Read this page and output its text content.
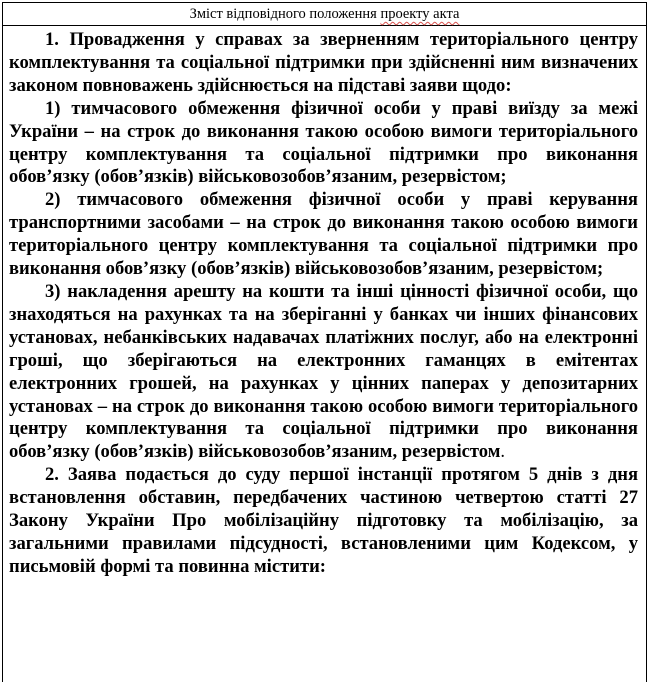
Зміст відповідного положення проекту акта

1. Провадження у справах за зверненням територіального центру комплектування та соціальної підтримки при здійсненні ним визначених законом повноважень здійснюється на підставі заяви щодо:

1) тимчасового обмеження фізичної особи у праві виїзду за межі України – на строк до виконання такою особою вимоги територіального центру комплектування та соціальної підтримки про виконання обов’язку (обов’язків) військовозобов’язаним, резервістом;

2) тимчасового обмеження фізичної особи у праві керування транспортними засобами – на строк до виконання такою особою вимоги територіального центру комплектування та соціальної підтримки про виконання обов’язку (обов’язків) військовозобов’язаним, резервістом;

3) накладення арешту на кошти та інші цінності фізичної особи, що знаходяться на рахунках та на зберіганні у банках чи інших фінансових установах, небанківських надавачах платіжних послуг, або на електронні гроші, що зберігаються на електронних гаманцях в емітентах електронних грошей, на рахунках у цінних паперах у депозитарних установах – на строк до виконання такою особою вимоги територіального центру комплектування та соціальної підтримки про виконання обов’язку (обов’язків) військовозобов’язаним, резервістом.

2. Заява подається до суду першої інстанції протягом 5 днів з дня встановлення обставин, передбачених частиною четвертою статті 27 Закону України Про мобілізаційну підготовку та мобілізацію, за загальними правилами підсудності, встановленими цим Кодексом, у письмовій формі та повинна містити:
